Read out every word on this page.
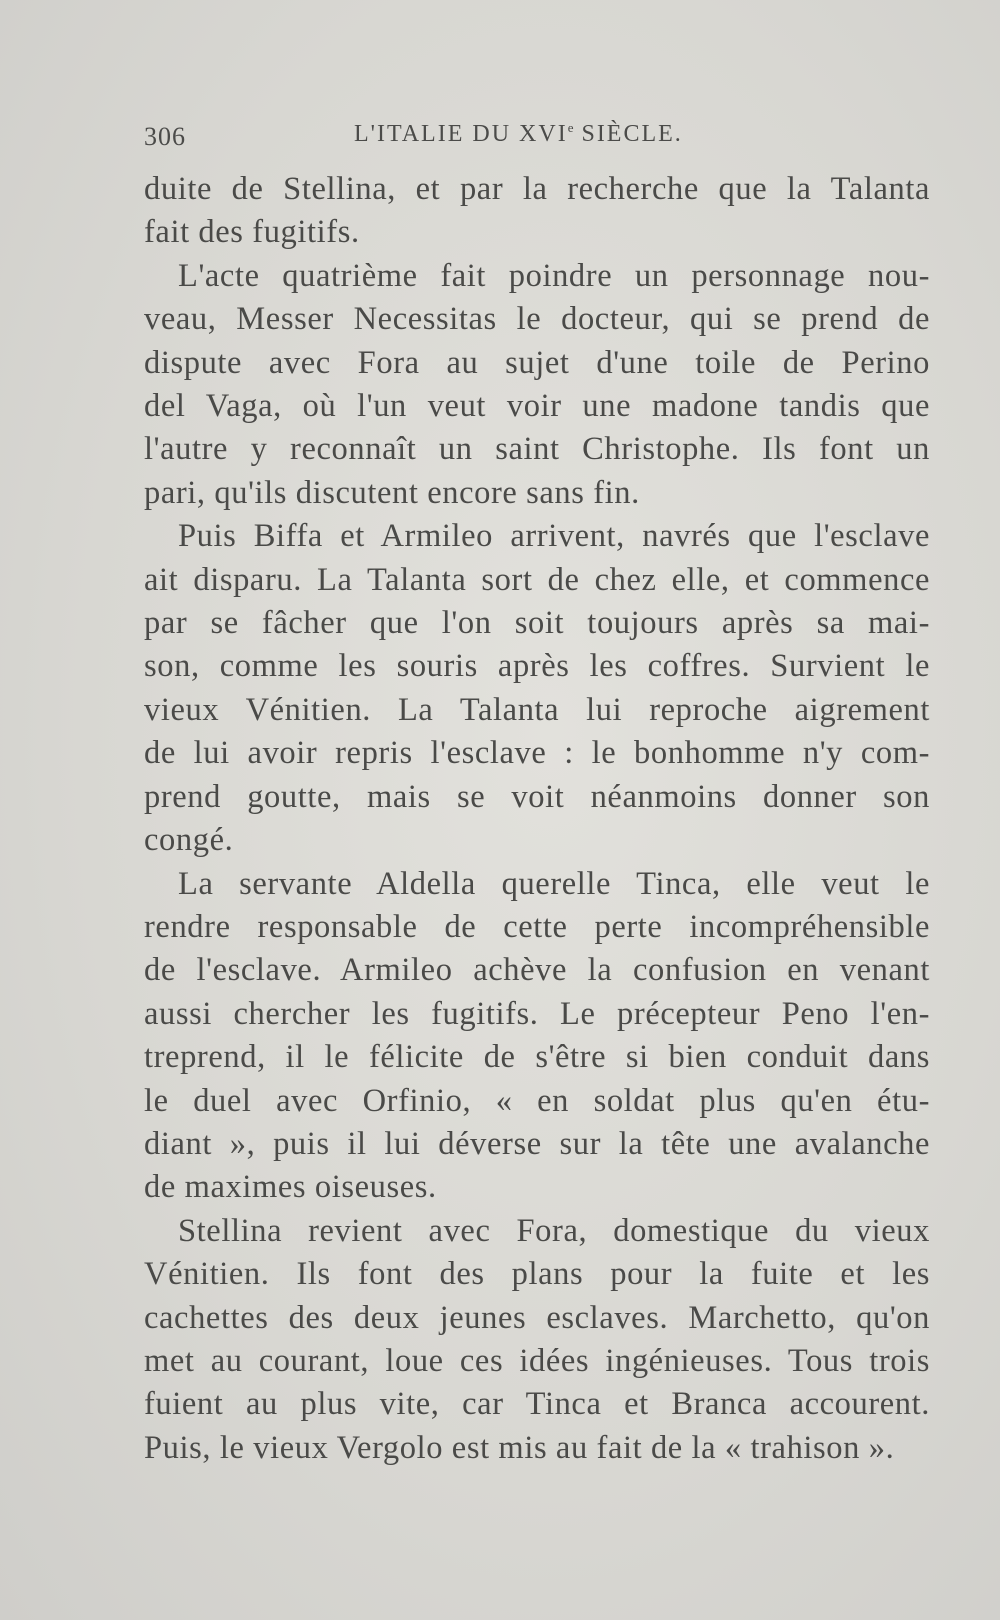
306	L'ITALIE DU XVIe SIÈCLE.

duite de Stellina, et par la recherche que la Talanta
fait des fugitifs.

L'acte quatrième fait poindre un personnage nou-
veau, Messer Necessitas le docteur, qui se prend de
dispute avec Fora au sujet d'une toile de Perino
del Vaga, où l'un veut voir une madone tandis que
l'autre y reconnaît un saint Christophe. Ils font un
pari, qu'ils discutent encore sans fin.

Puis Biffa et Armileo arrivent, navrés que l'esclave
ait disparu. La Talanta sort de chez elle, et commence
par se fâcher que l'on soit toujours après sa mai-
son, comme les souris après les coffres. Survient le
vieux Vénitien. La Talanta lui reproche aigrement
de lui avoir repris l'esclave : le bonhomme n'y com-
prend goutte, mais se voit néanmoins donner son
congé.

La servante Aldella querelle Tinca, elle veut le
rendre responsable de cette perte incompréhensible
de l'esclave. Armileo achève la confusion en venant
aussi chercher les fugitifs. Le précepteur Peno l'en-
treprend, il le félicite de s'être si bien conduit dans
le duel avec Orfinio, « en soldat plus qu'en étu-
diant », puis il lui déverse sur la tête une avalanche
de maximes oiseuses.

Stellina revient avec Fora, domestique du vieux
Vénitien. Ils font des plans pour la fuite et les
cachettes des deux jeunes esclaves. Marchetto, qu'on
met au courant, loue ces idées ingénieuses. Tous trois
fuient au plus vite, car Tinca et Branca accourent.
Puis, le vieux Vergolo est mis au fait de la « trahison ».
